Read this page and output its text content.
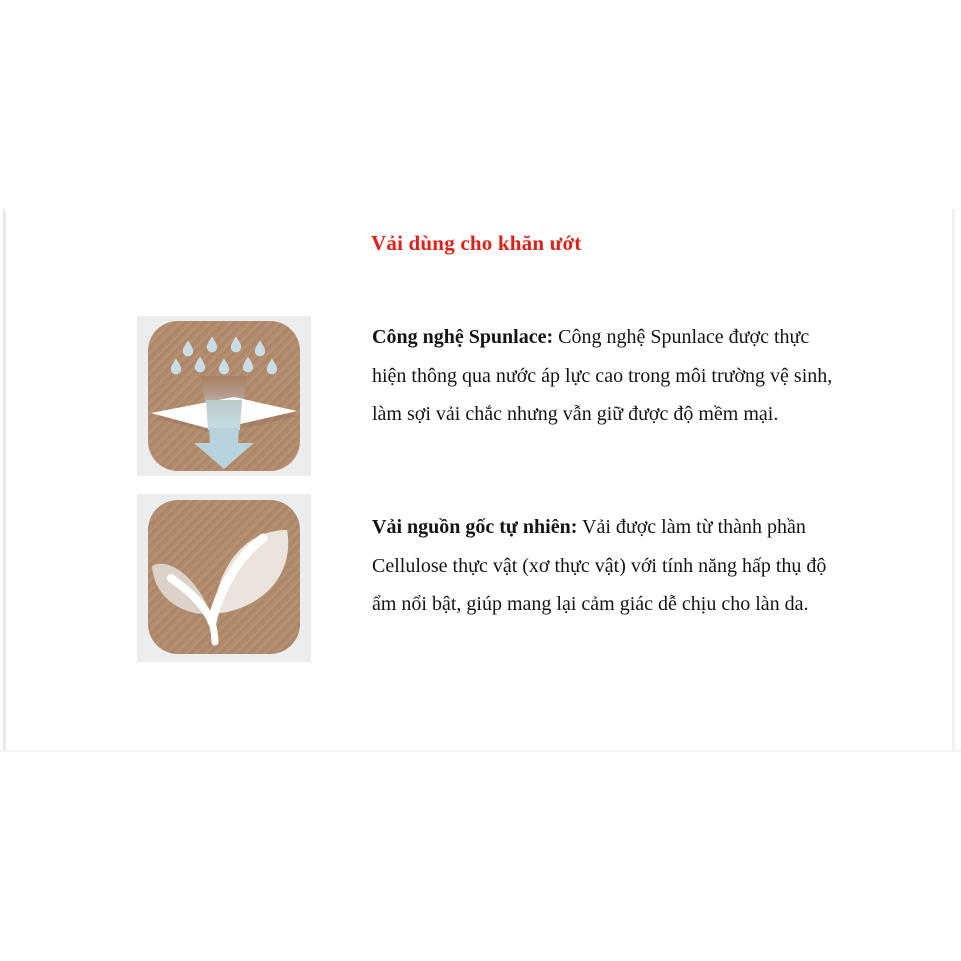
Vải dùng cho khăn ướt

Công nghệ Spunlace: Công nghệ Spunlace được thực hiện thông qua nước áp lực cao trong môi trường vệ sinh, làm sợi vải chắc nhưng vẫn giữ được độ mềm mại.

Vải nguồn gốc tự nhiên: Vải được làm từ thành phần Cellulose thực vật (xơ thực vật) với tính năng hấp thụ độ ẩm nổi bật, giúp mang lại cảm giác dễ chịu cho làn da.
